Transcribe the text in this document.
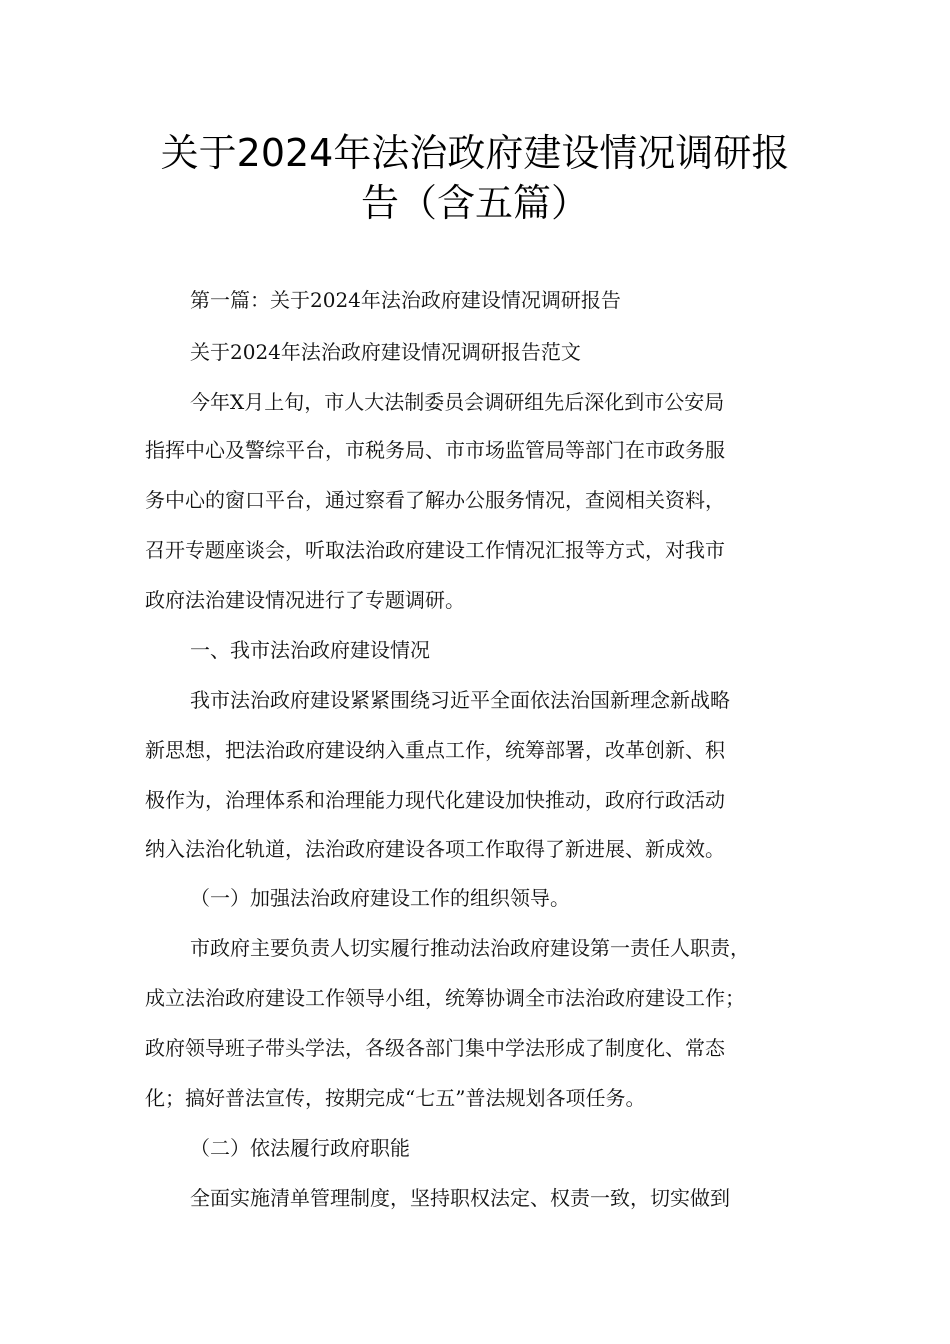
关于2024年法治政府建设情况调研报
告（含五篇）
第一篇：关于2024年法治政府建设情况调研报告
关于2024年法治政府建设情况调研报告范文
今年X月上旬，市人大法制委员会调研组先后深化到市公安局
指挥中心及警综平台，市税务局、市市场监管局等部门在市政务服
务中心的窗口平台，通过察看了解办公服务情况，查阅相关资料，
召开专题座谈会，听取法治政府建设工作情况汇报等方式，对我市
政府法治建设情况进行了专题调研。
一、我市法治政府建设情况
我市法治政府建设紧紧围绕习近平全面依法治国新理念新战略
新思想，把法治政府建设纳入重点工作，统筹部署，改革创新、积
极作为，治理体系和治理能力现代化建设加快推动，政府行政活动
纳入法治化轨道，法治政府建设各项工作取得了新进展、新成效。
（一）加强法治政府建设工作的组织领导。
市政府主要负责人切实履行推动法治政府建设第一责任人职责，
成立法治政府建设工作领导小组，统筹协调全市法治政府建设工作；
政府领导班子带头学法，各级各部门集中学法形成了制度化、常态
化；搞好普法宣传，按期完成“七五”普法规划各项任务。
（二）依法履行政府职能
全面实施清单管理制度，坚持职权法定、权责一致，切实做到
